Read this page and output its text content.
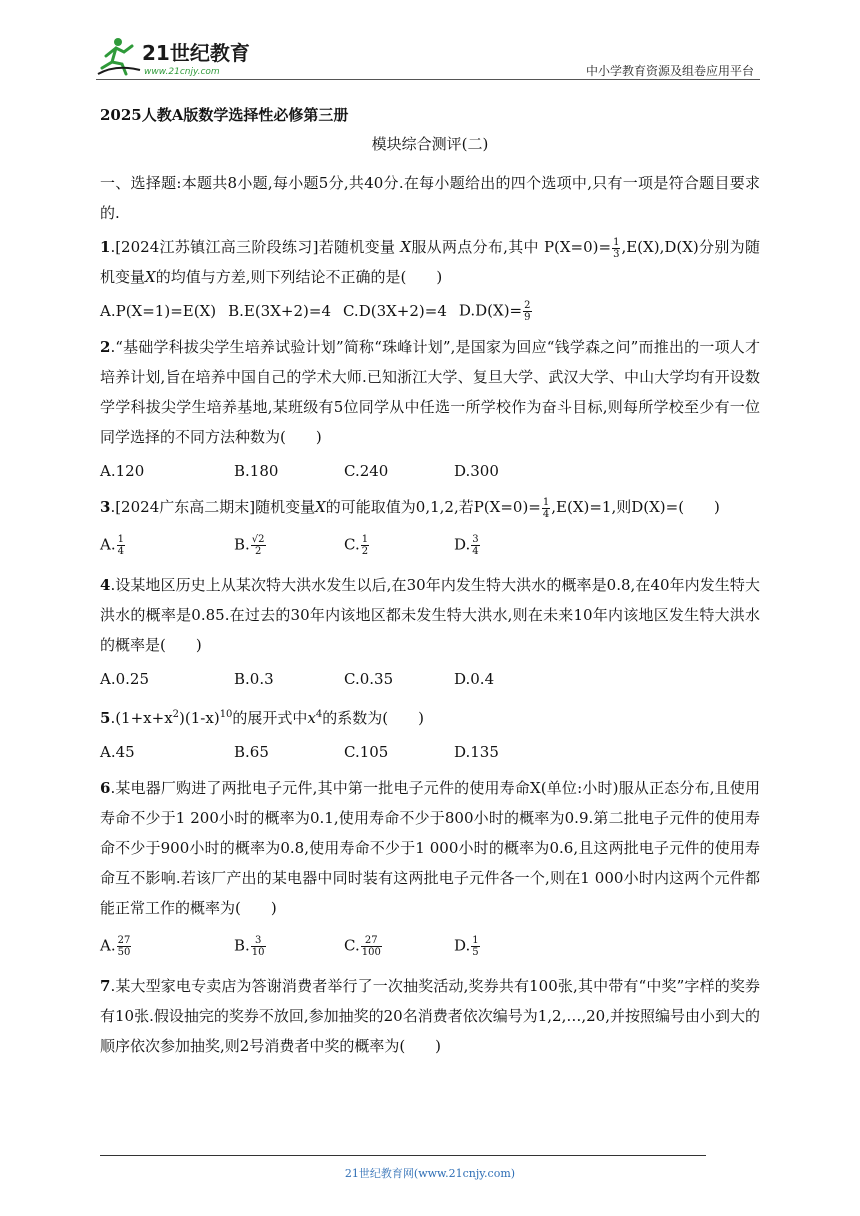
21世纪教育
www.21cnjy.com	中小学教育资源及组卷应用平台
2025人教A版数学选择性必修第三册
模块综合测评(二)

一、选择题:本题共8小题,每小题5分,共40分.在每小题给出的四个选项中,只有一项是符合题目要求的.

1.[2024江苏镇江高三阶段练习]若随机变量 X服从两点分布,其中 $P(X=0)= \frac{1}{3} ,E(X),D(X)$分别为随机变量X的均值与方差,则下列结论不正确的是(　　)

A.P(X=1)=E(X) B.E(3X+2)=4 C.D(3X+2)=4 $D.D(X)= \frac{2}{9}$

2.“基础学科拔尖学生培养试验计划”简称“珠峰计划”,是国家为回应“钱学森之问”而推出的一项人才培养计划,旨在培养中国自己的学术大师.已知浙江大学、复旦大学、武汉大学、中山大学均有开设数学学科拔尖学生培养基地,某班级有5位同学从中任选一所学校作为奋斗目标,则每所学校至少有一位同学选择的不同方法种数为(　　)

A.120	B.180	C.240	D.300

3.[2024广东高二期末]随机变量X的可能取值为0,1,2,若$P(X=0)= \frac{1}{4} ,E(X)=1$,则D(X)=(　　)

A. $\frac{1}{4}$	B. $\frac{√2}{2}$	C. $\frac{1}{2}$	D. $\frac{3}{4}$

4.设某地区历史上从某次特大洪水发生以后,在30年内发生特大洪水的概率是0.8,在40年内发生特大洪水的概率是0.85.在过去的30年内该地区都未发生特大洪水,则在未来10年内该地区发生特大洪水的概率是(　　)

A.0.25	B.0.3	C.0.35	D.0.4

$5.(1+x+x^2)(1-x)^{10}$的展开式中$x^4$的系数为(　　)

A.45	B.65	C.105	D.135

6.某电器厂购进了两批电子元件,其中第一批电子元件的使用寿命X(单位:小时)服从正态分布,且使用寿命不少于1 200小时的概率为0.1,使用寿命不少于800小时的概率为0.9.第二批电子元件的使用寿命不少于900小时的概率为0.8,使用寿命不少于1 000小时的概率为0.6,且这两批电子元件的使用寿命互不影响.若该厂产出的某电器中同时装有这两批电子元件各一个,则在1 000小时内这两个元件都能正常工作的概率为(　　)

A. $\frac{27}{50}$	B. $\frac{3}{10}$	C. $\frac{27}{100}$	D. $\frac{1}{5}$

7.某大型家电专卖店为答谢消费者举行了一次抽奖活动,奖券共有100张,其中带有“中奖”字样的奖券有10张.假设抽完的奖券不放回,参加抽奖的20名消费者依次编号为1,2,…,20,并按照编号由小到大的顺序依次参加抽奖,则2号消费者中奖的概率为(　　)

21世纪教育网(www.21cnjy.com)
